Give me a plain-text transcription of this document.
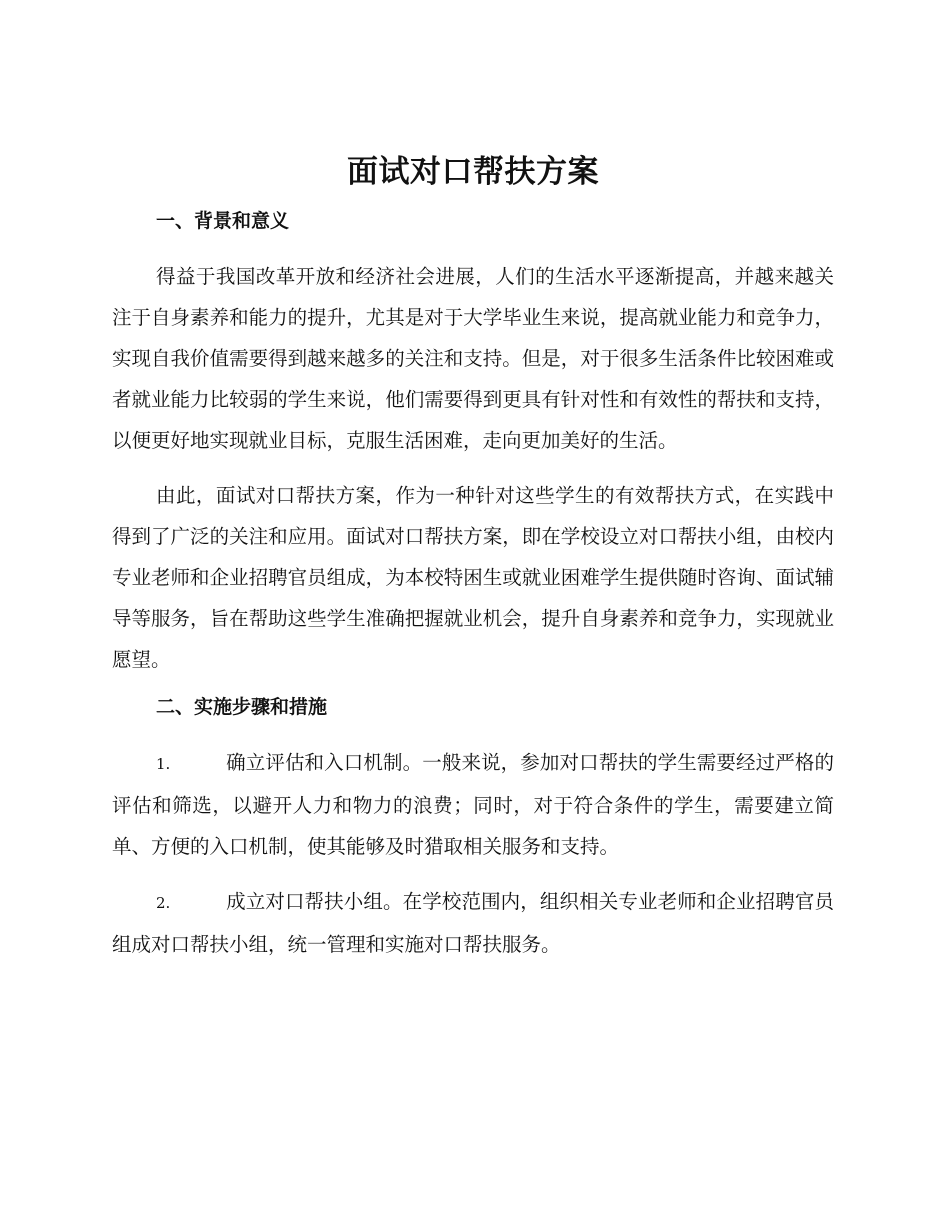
面试对口帮扶方案
一、背景和意义

得益于我国改革开放和经济社会进展，人们的生活水平逐渐提高，并越来越关注于自身素养和能力的提升，尤其是对于大学毕业生来说，提高就业能力和竞争力，实现自我价值需要得到越来越多的关注和支持。但是，对于很多生活条件比较困难或者就业能力比较弱的学生来说，他们需要得到更具有针对性和有效性的帮扶和支持，以便更好地实现就业目标，克服生活困难，走向更加美好的生活。

由此，面试对口帮扶方案，作为一种针对这些学生的有效帮扶方式，在实践中得到了广泛的关注和应用。面试对口帮扶方案，即在学校设立对口帮扶小组，由校内专业老师和企业招聘官员组成，为本校特困生或就业困难学生提供随时咨询、面试辅导等服务，旨在帮助这些学生准确把握就业机会，提升自身素养和竞争力，实现就业愿望。

二、实施步骤和措施

1.	确立评估和入口机制。一般来说，参加对口帮扶的学生需要经过严格的评估和筛选，以避开人力和物力的浪费；同时，对于符合条件的学生，需要建立简单、方便的入口机制，使其能够及时猎取相关服务和支持。

2.	成立对口帮扶小组。在学校范围内，组织相关专业老师和企业招聘官员组成对口帮扶小组，统一管理和实施对口帮扶服务。
